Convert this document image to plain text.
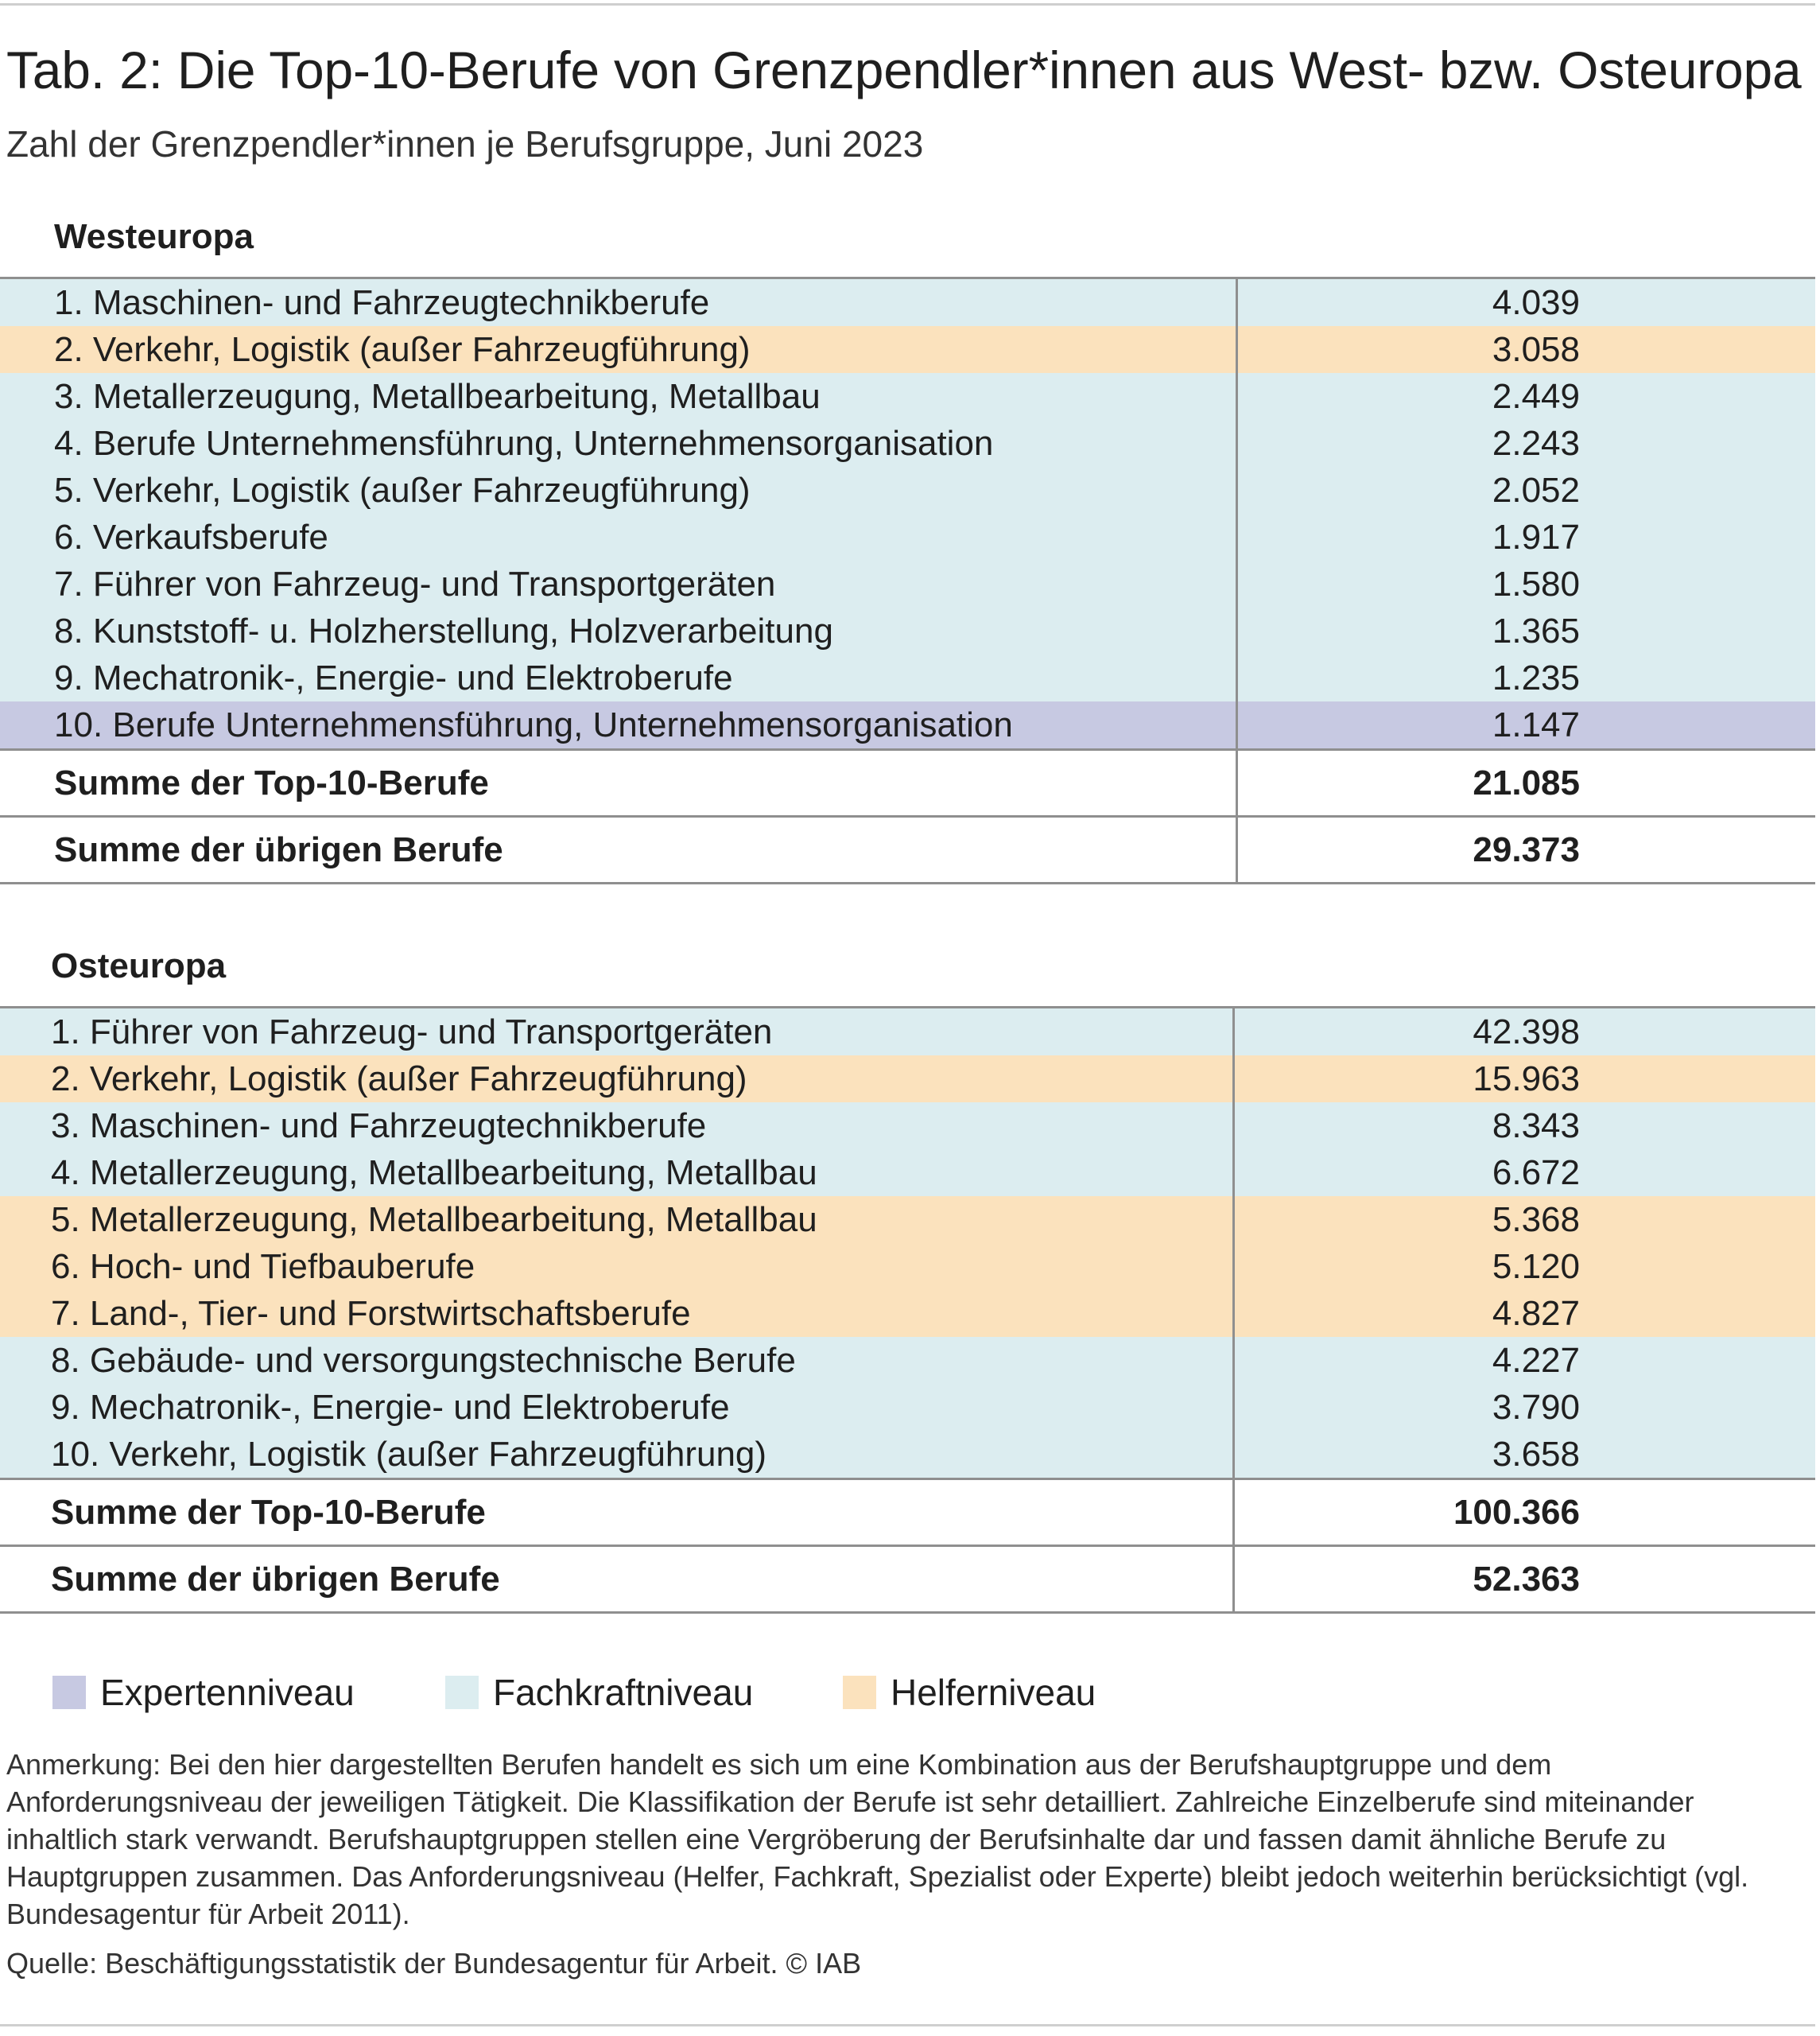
Tab. 2: Die Top-10-Berufe von Grenzpendler*innen aus West- bzw. Osteuropa

Zahl der Grenzpendler*innen je Berufsgruppe, Juni 2023

Westeuropa
1. Maschinen- und Fahrzeugtechnikberufe	4.039
2. Verkehr, Logistik (außer Fahrzeugführung)	3.058
3. Metallerzeugung, Metallbearbeitung, Metallbau	2.449
4. Berufe Unternehmensführung, Unternehmensorganisation	2.243
5. Verkehr, Logistik (außer Fahrzeugführung)	2.052
6. Verkaufsberufe	1.917
7. Führer von Fahrzeug- und Transportgeräten	1.580
8. Kunststoff- u. Holzherstellung, Holzverarbeitung	1.365
9. Mechatronik-, Energie- und Elektroberufe	1.235
10. Berufe Unternehmensführung, Unternehmensorganisation	1.147
Summe der Top-10-Berufe	21.085
Summe der übrigen Berufe	29.373
Osteuropa
1. Führer von Fahrzeug- und Transportgeräten	42.398
2. Verkehr, Logistik (außer Fahrzeugführung)	15.963
3. Maschinen- und Fahrzeugtechnikberufe	8.343
4. Metallerzeugung, Metallbearbeitung, Metallbau	6.672
5. Metallerzeugung, Metallbearbeitung, Metallbau	5.368
6. Hoch- und Tiefbauberufe	5.120
7. Land-, Tier- und Forstwirtschaftsberufe	4.827
8. Gebäude- und versorgungstechnische Berufe	4.227
9. Mechatronik-, Energie- und Elektroberufe	3.790
10. Verkehr, Logistik (außer Fahrzeugführung)	3.658
Summe der Top-10-Berufe	100.366
Summe der übrigen Berufe	52.363
Expertenniveau	Fachkraftniveau	Helferniveau

Anmerkung: Bei den hier dargestellten Berufen handelt es sich um eine Kombination aus der Berufshauptgruppe und dem Anforderungsniveau der jeweiligen Tätigkeit. Die Klassifikation der Berufe ist sehr detailliert. Zahlreiche Einzelberufe sind miteinander inhaltlich stark verwandt. Berufshauptgruppen stellen eine Vergröberung der Berufsinhalte dar und fassen damit ähnliche Berufe zu Hauptgruppen zusammen. Das Anforderungsniveau (Helfer, Fachkraft, Spezialist oder Experte) bleibt jedoch weiterhin berücksichtigt (vgl. Bundesagentur für Arbeit 2011).

Quelle: Beschäftigungsstatistik der Bundesagentur für Arbeit. © IAB
